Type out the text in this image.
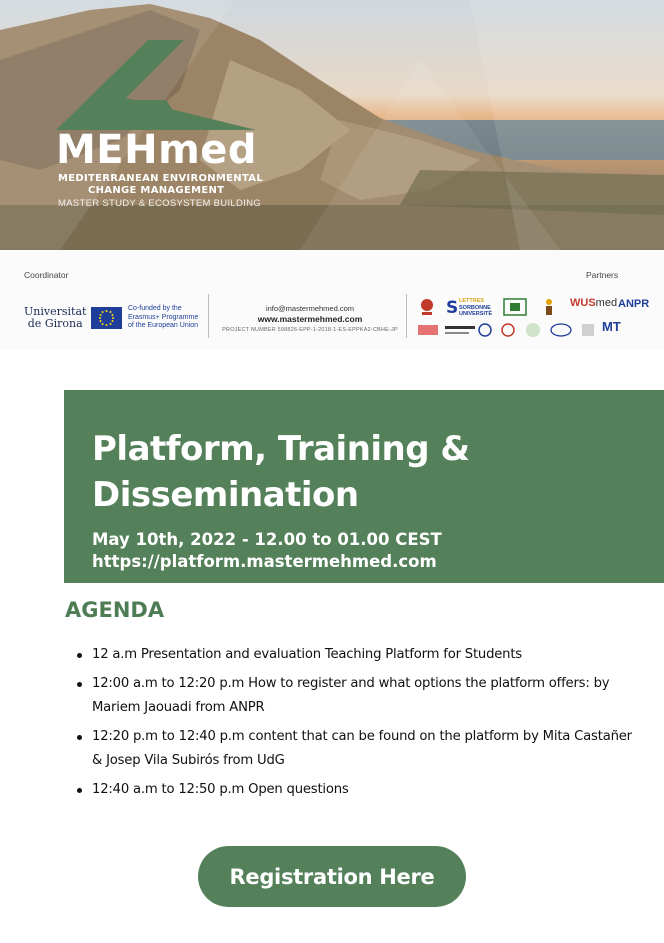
MEHmed
MEDITERRANEAN ENVIRONMENTAL
CHANGE MANAGEMENT
MASTER STUDY & ECOSYSTEM BUILDING
Coordinator	Partners
Universitat
de Girona
Co-funded by the
Erasmus+ Programme
of the European Union
info@mastermehmed.com
www.mastermehmed.com
PROJECT NUMBER 598826-EPP-1-2018-1-ES-EPPKA2-CBHE-JP
S LETTRES
SORBONNE
UNIVERSITÉ
WUSmed ANPR
MT
Platform, Training & Dissemination
May 10th, 2022 - 12.00 to 01.00 CEST
https://platform.mastermehmed.com
AGENDA
12 a.m Presentation and evaluation Teaching Platform for Students
12:00 a.m to 12:20 p.m How to register and what options the platform offers: by Mariem Jaouadi from ANPR
12:20 p.m to 12:40 p.m content that can be found on the platform by Mita Castañer & Josep Vila Subirós from UdG
12:40 a.m to 12:50 p.m Open questions
Registration Here
